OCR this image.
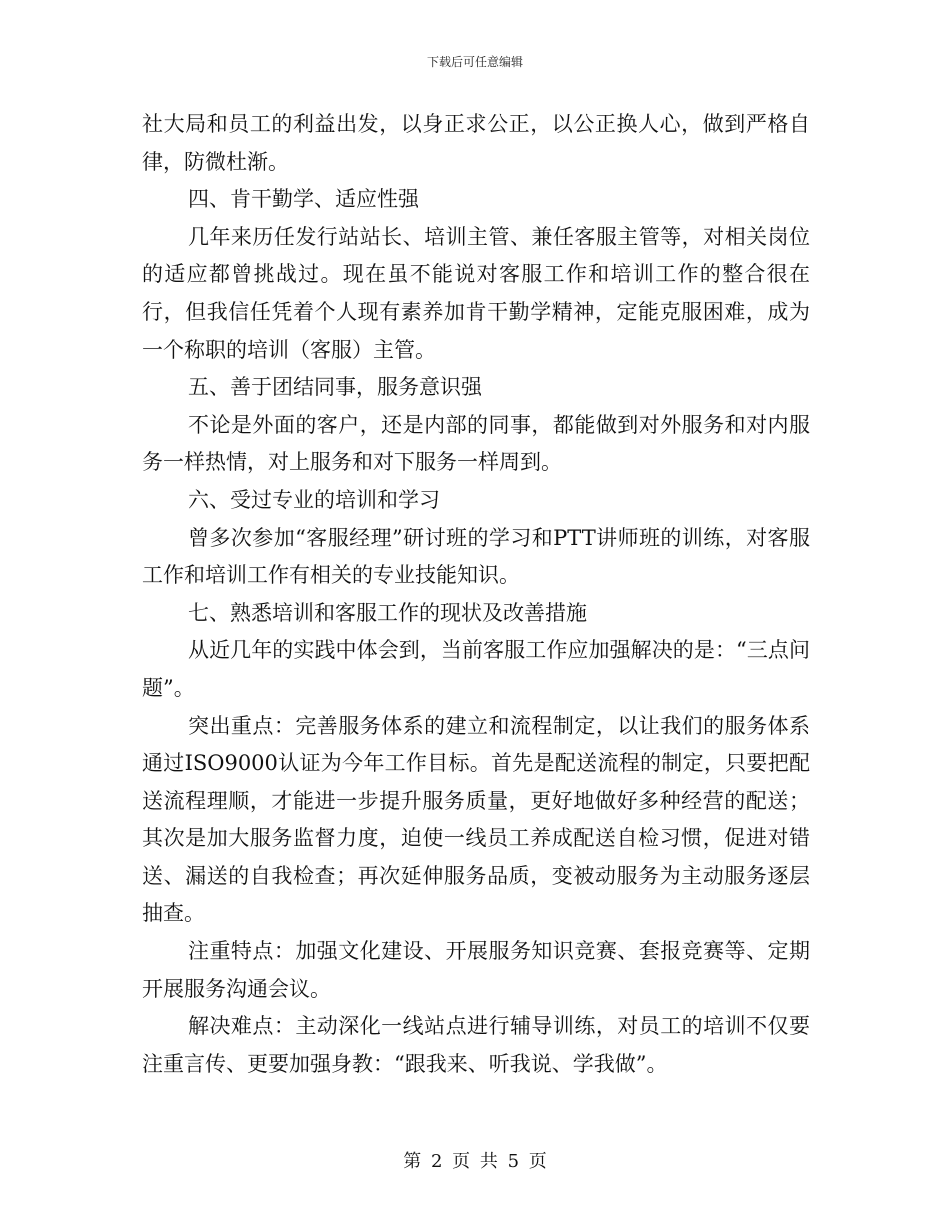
下载后可任意编辑

社大局和员工的利益出发，以身正求公正，以公正换人心，做到严格自律，防微杜渐。

四、肯干勤学、适应性强

几年来历任发行站站长、培训主管、兼任客服主管等，对相关岗位的适应都曾挑战过。现在虽不能说对客服工作和培训工作的整合很在行，但我信任凭着个人现有素养加肯干勤学精神，定能克服困难，成为一个称职的培训（客服）主管。

五、善于团结同事，服务意识强

不论是外面的客户，还是内部的同事，都能做到对外服务和对内服务一样热情，对上服务和对下服务一样周到。

六、受过专业的培训和学习

曾多次参加“客服经理”研讨班的学习和PTT讲师班的训练，对客服工作和培训工作有相关的专业技能知识。

七、熟悉培训和客服工作的现状及改善措施

从近几年的实践中体会到，当前客服工作应加强解决的是：“三点问题”。

突出重点：完善服务体系的建立和流程制定，以让我们的服务体系通过ISO9000认证为今年工作目标。首先是配送流程的制定，只要把配送流程理顺，才能进一步提升服务质量，更好地做好多种经营的配送；其次是加大服务监督力度，迫使一线员工养成配送自检习惯，促进对错送、漏送的自我检查；再次延伸服务品质，变被动服务为主动服务逐层抽查。

注重特点：加强文化建设、开展服务知识竞赛、套报竞赛等、定期开展服务沟通会议。

解决难点：主动深化一线站点进行辅导训练，对员工的培训不仅要注重言传、更要加强身教：“跟我来、听我说、学我做”。

第 2 页 共 5 页
